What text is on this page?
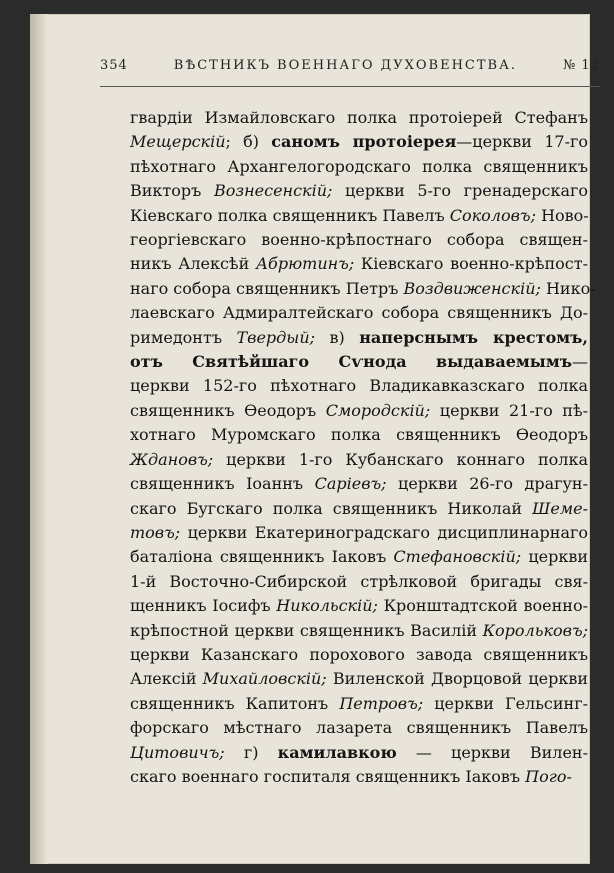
354	ВѢСТНИКЪ ВОЕННАГО ДУХОВЕНСТВА.	№ 12
гвардіи Измайловскаго полка протоіерей Стефанъ
Мещерскій; б) саномъ протоіерея—церкви 17-го
пѣхотнаго Архангелогородскаго полка священникъ
Викторъ Вознесенскій; церкви 5-го гренадерскаго
Кіевскаго полка священникъ Павелъ Соколовъ; Ново-
георгіевскаго военно-крѣпостнаго собора священ-
никъ Алексѣй Абрютинъ; Кіевскаго военно-крѣпост-
наго собора священникъ Петръ Воздвиженскій; Нико-
лаевскаго Адмиралтейскаго собора священникъ До-
римедонтъ Твердый; в) наперснымъ крестомъ,
отъ Святѣйшаго Сѵнода выдаваемымъ—
церкви 152-го пѣхотнаго Владикавказскаго полка
священникъ Ѳеодоръ Смородскій; церкви 21-го пѣ-
хотнаго Муромскаго полка священникъ Ѳеодоръ
Ждановъ; церкви 1-го Кубанскаго коннаго полка
священникъ Іоаннъ Саріевъ; церкви 26-го драгун-
скаго Бугскаго полка священникъ Николай Шеме-
товъ; церкви Екатериноградскаго дисциплинарнаго
баталіона священникъ Іаковъ Стефановскій; церкви
1-й Восточно-Сибирской стрѣлковой бригады свя-
щенникъ Іосифъ Никольскій; Кронштадтской военно-
крѣпостной церкви священникъ Василій Корольковъ;
церкви Казанскаго порохового завода священникъ
Алексій Михайловскій; Виленской Дворцовой церкви
священникъ Капитонъ Петровъ; церкви Гельсинг-
форскаго мѣстнаго лазарета священникъ Павелъ
Цитовичъ; г) камилавкою — церкви Вилен-
скаго военнаго госпиталя священникъ Іаковъ Пого-
